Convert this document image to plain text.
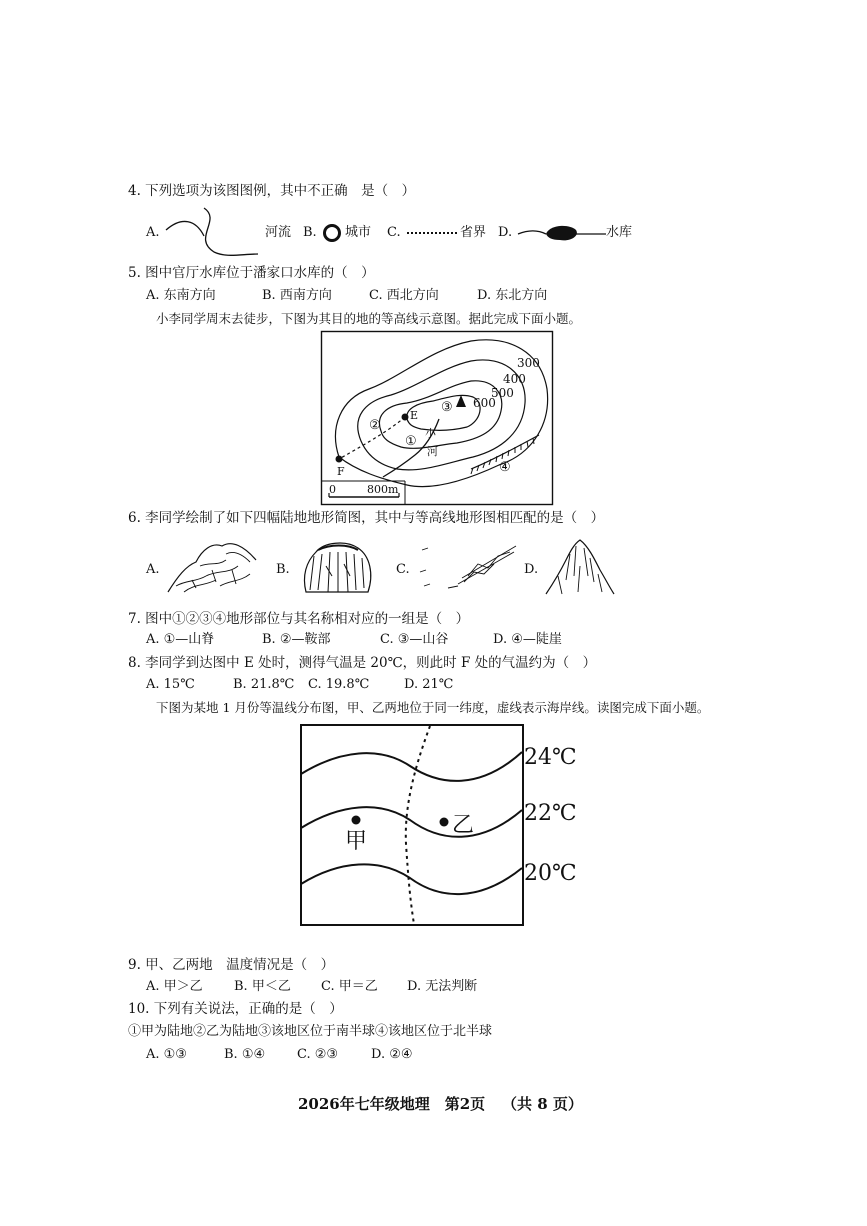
4. 下列选项为该图图例，其中不正确　是（　）
A.	河流 B. 城市 C.	省界 D.	水库
5. 图中官厅水库位于潘家口水库的（　）
A. 东南方向	B. 西南方向	C. 西北方向	D. 东北方向
小李同学周末去徒步，下图为其目的地的等高线示意图。据此完成下面小题。
300
400
500
600
E
F
③
②
①
④
小
河
0	800m
6. 李同学绘制了如下四幅陆地地形简图，其中与等高线地形图相匹配的是（　）
A.	B.	C.	D.
7. 图中①②③④地形部位与其名称相对应的一组是（　）
A. ①—山脊	B. ②—鞍部	C. ③—山谷	D. ④—陡崖
8. 李同学到达图中 E 处时，测得气温是 20℃，则此时 F 处的气温约为（　）
A. 15℃	B. 21.8℃ C. 19.8℃	D. 21℃
下图为某地 1 月份等温线分布图，甲、乙两地位于同一纬度，虚线表示海岸线。读图完成下面小题。
甲
乙
24℃
22℃
20℃
9. 甲、乙两地　温度情况是（　）
A. 甲＞乙 B. 甲＜乙 C. 甲＝乙 D. 无法判断
10. 下列有关说法，正确的是（　）
①甲为陆地②乙为陆地③该地区位于南半球④该地区位于北半球
A. ①③	B. ①④ C. ②③	D. ②④
2026年七年级地理　第2页 （共 8 页）
